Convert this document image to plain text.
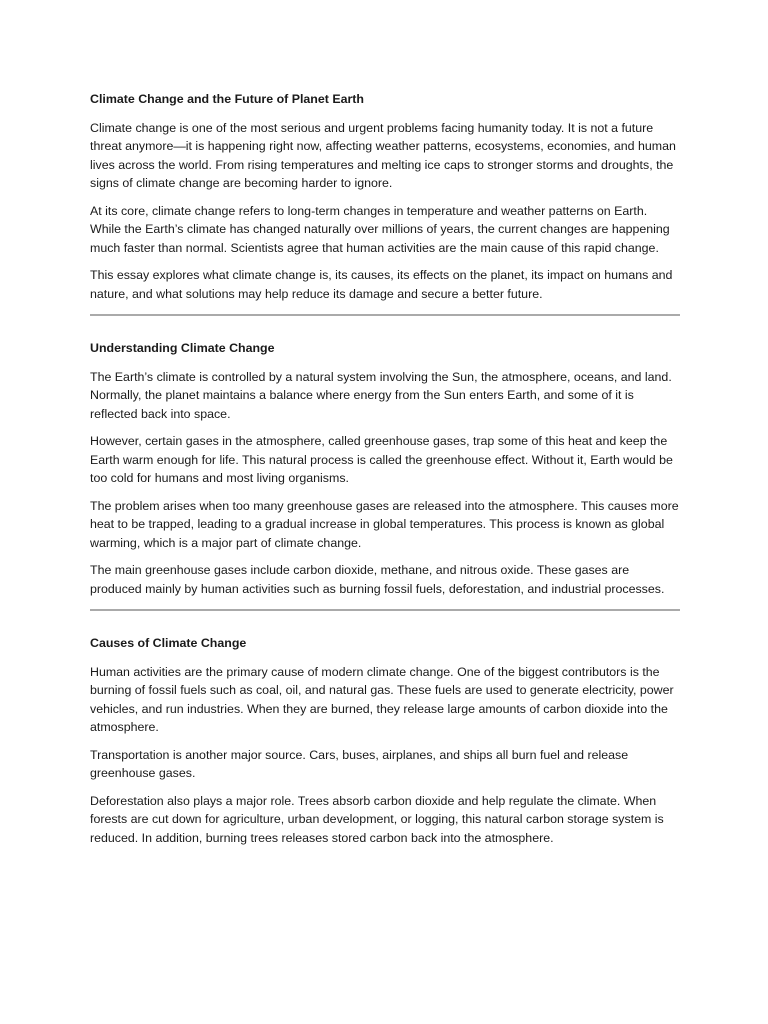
Climate Change and the Future of Planet Earth

Climate change is one of the most serious and urgent problems facing humanity today. It is not a future threat anymore—it is happening right now, affecting weather patterns, ecosystems, economies, and human lives across the world. From rising temperatures and melting ice caps to stronger storms and droughts, the signs of climate change are becoming harder to ignore.

At its core, climate change refers to long-term changes in temperature and weather patterns on Earth. While the Earth’s climate has changed naturally over millions of years, the current changes are happening much faster than normal. Scientists agree that human activities are the main cause of this rapid change.

This essay explores what climate change is, its causes, its effects on the planet, its impact on humans and nature, and what solutions may help reduce its damage and secure a better future.

Understanding Climate Change

The Earth’s climate is controlled by a natural system involving the Sun, the atmosphere, oceans, and land. Normally, the planet maintains a balance where energy from the Sun enters Earth, and some of it is reflected back into space.

However, certain gases in the atmosphere, called greenhouse gases, trap some of this heat and keep the Earth warm enough for life. This natural process is called the greenhouse effect. Without it, Earth would be too cold for humans and most living organisms.

The problem arises when too many greenhouse gases are released into the atmosphere. This causes more heat to be trapped, leading to a gradual increase in global temperatures. This process is known as global warming, which is a major part of climate change.

The main greenhouse gases include carbon dioxide, methane, and nitrous oxide. These gases are produced mainly by human activities such as burning fossil fuels, deforestation, and industrial processes.

Causes of Climate Change

Human activities are the primary cause of modern climate change. One of the biggest contributors is the burning of fossil fuels such as coal, oil, and natural gas. These fuels are used to generate electricity, power vehicles, and run industries. When they are burned, they release large amounts of carbon dioxide into the atmosphere.

Transportation is another major source. Cars, buses, airplanes, and ships all burn fuel and release greenhouse gases.

Deforestation also plays a major role. Trees absorb carbon dioxide and help regulate the climate. When forests are cut down for agriculture, urban development, or logging, this natural carbon storage system is reduced. In addition, burning trees releases stored carbon back into the atmosphere.
